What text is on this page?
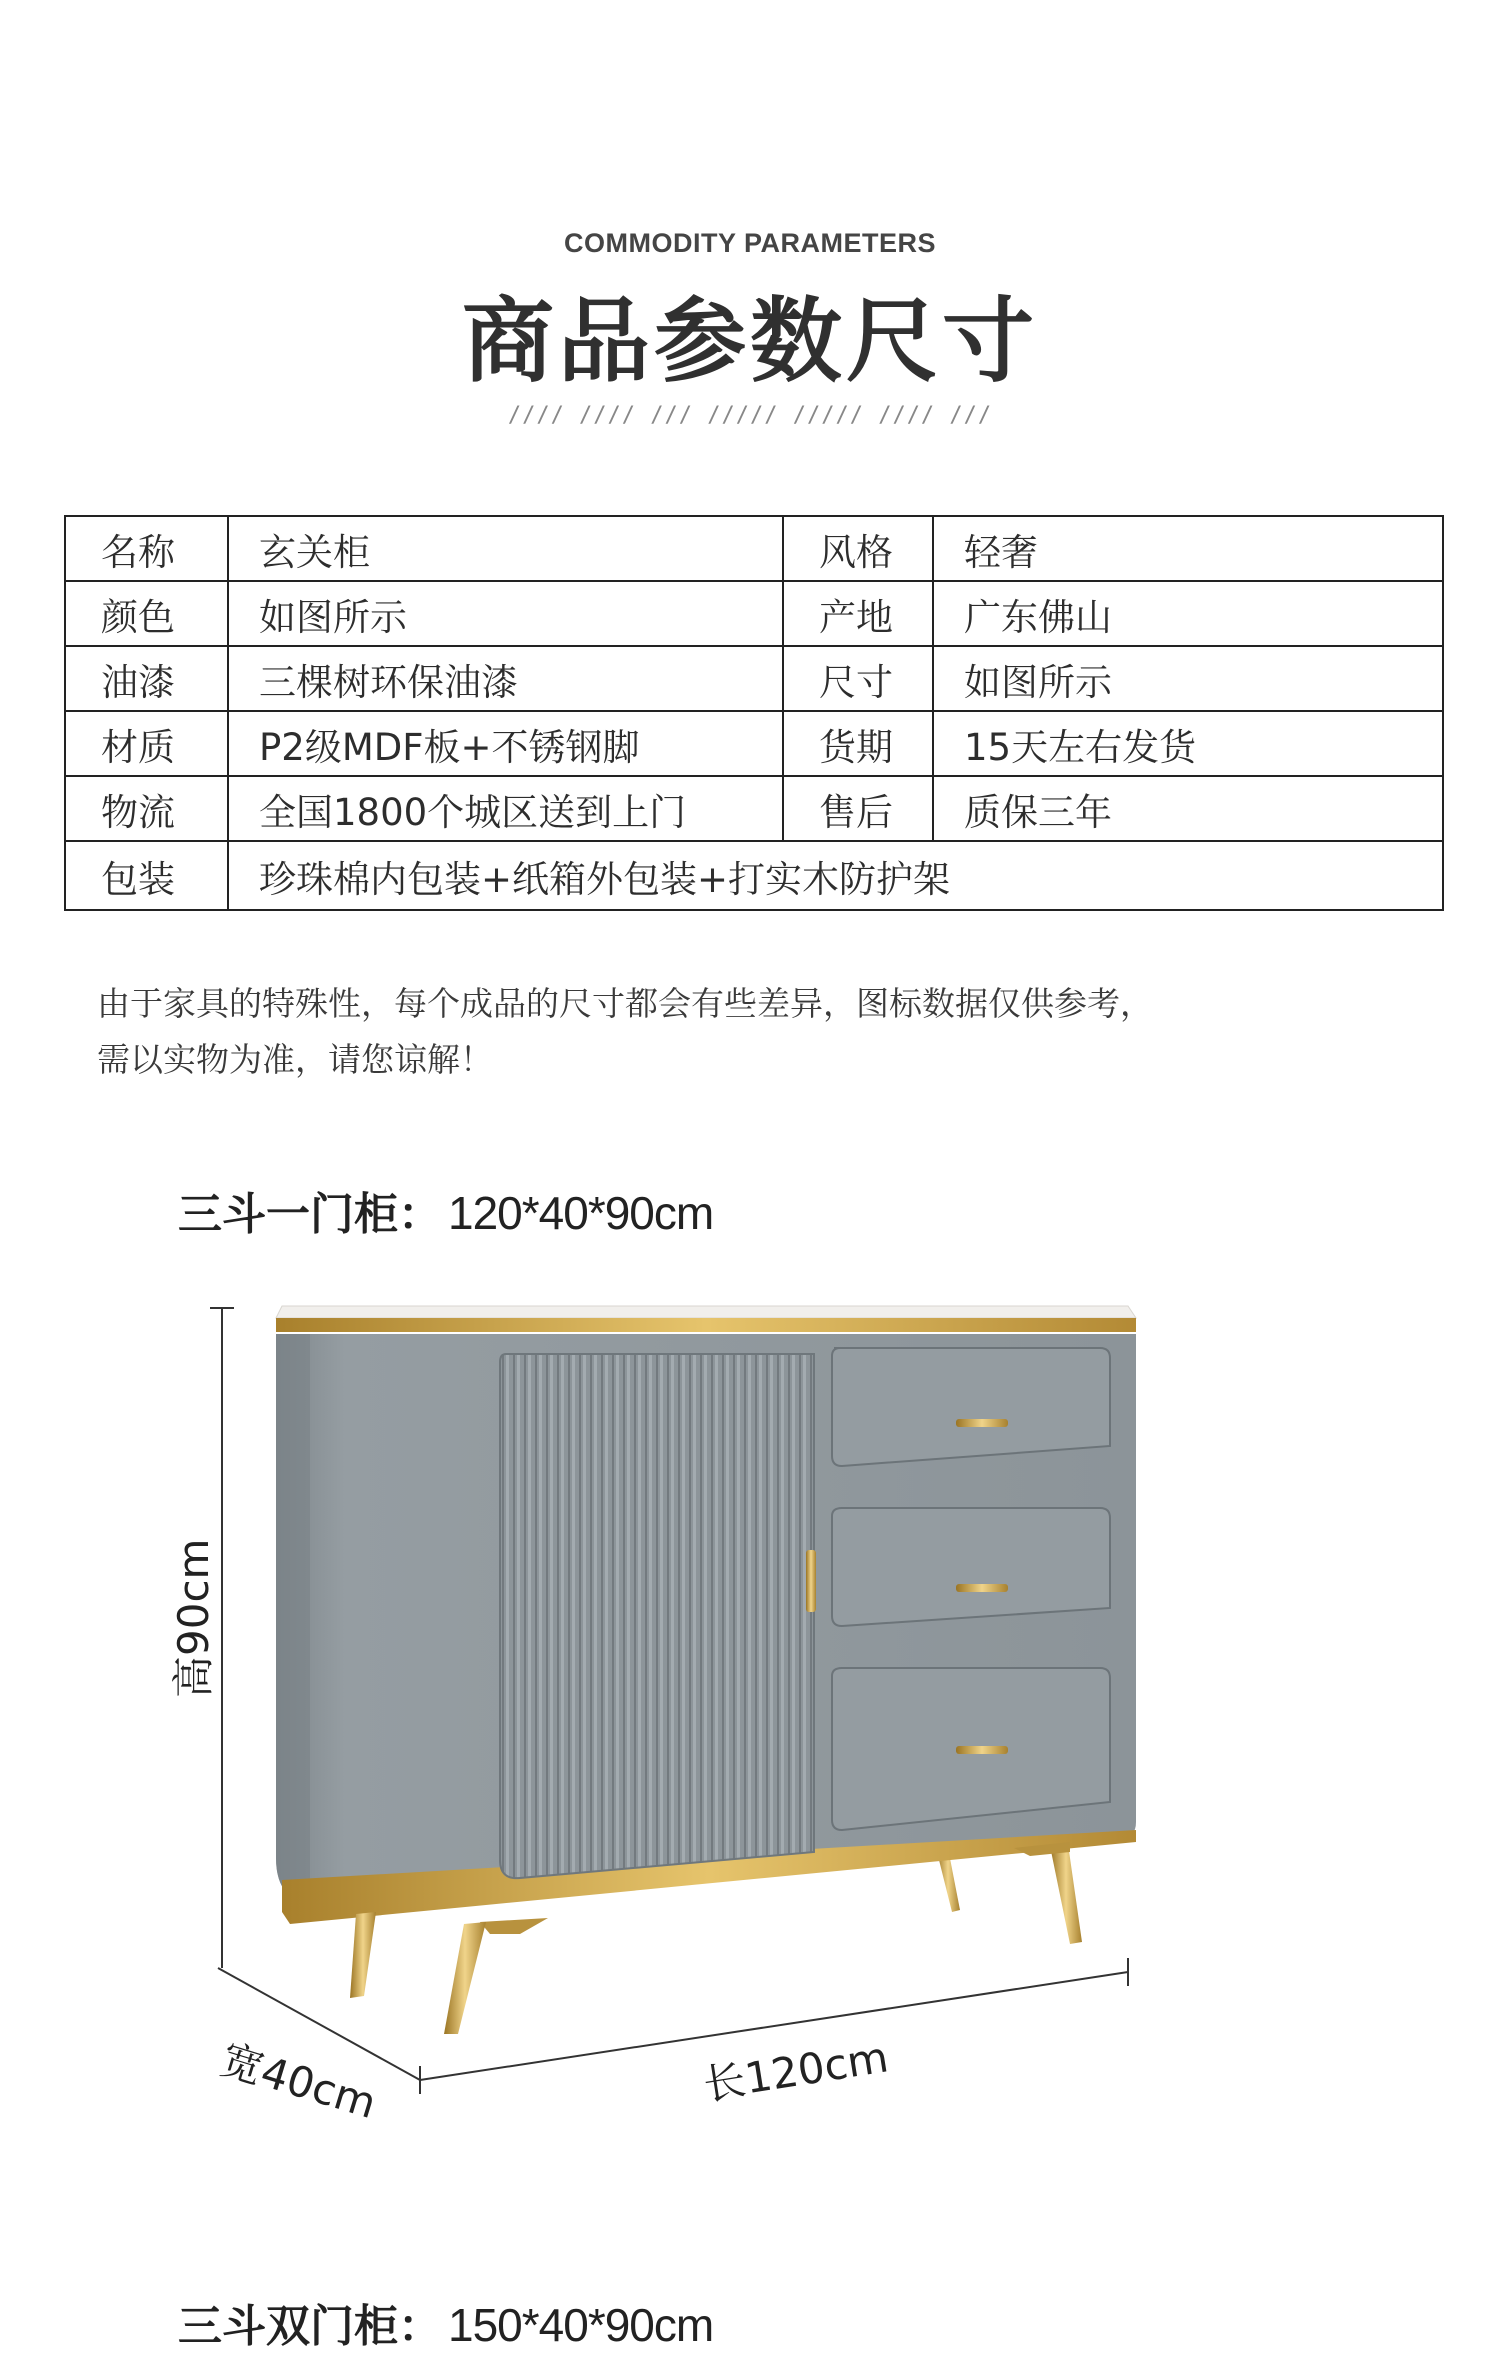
COMMODITY PARAMETERS
商品参数尺寸
//// //// /// ///// ///// //// ///
名称	玄关柜	风格	轻奢
颜色	如图所示	产地	广东佛山
油漆	三棵树环保油漆	尺寸	如图所示
材质	P2级MDF板+不锈钢脚	货期	15天左右发货
物流	全国1800个城区送到上门	售后	质保三年
包装	珍珠棉内包装+纸箱外包装+打实木防护架		
由于家具的特殊性，每个成品的尺寸都会有些差异，图标数据仅供参考，
需以实物为准，请您谅解！
三斗一门柜： 120*40*90cm
高90cm
宽40cm	长120cm
三斗双门柜： 150*40*90cm
